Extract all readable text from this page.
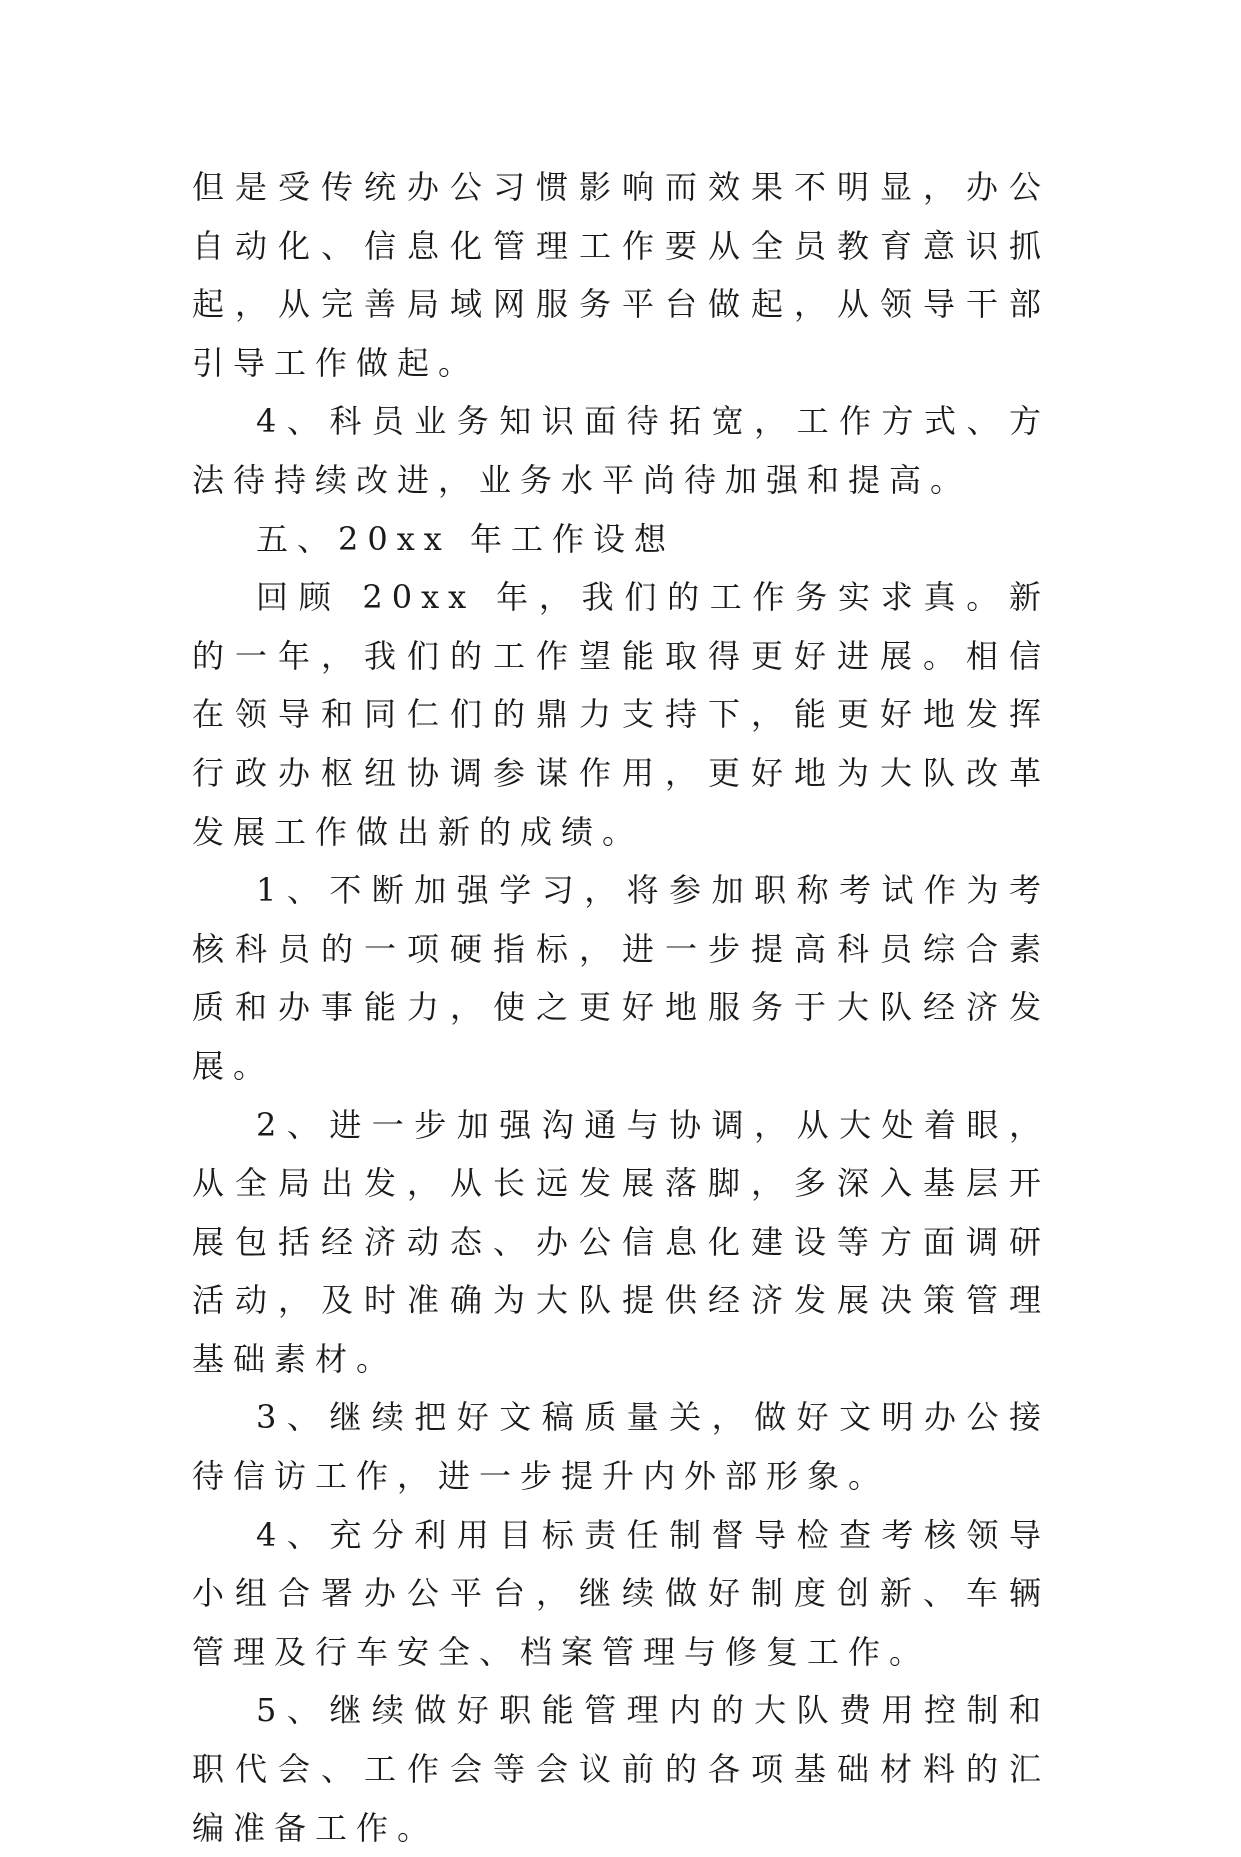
但是受传统办公习惯影响而效果不明显，办公自动化、信息化管理工作要从全员教育意识抓起，从完善局域网服务平台做起，从领导干部引导工作做起。

4、科员业务知识面待拓宽，工作方式、方法待持续改进，业务水平尚待加强和提高。

五、20xx 年工作设想

回顾 20xx 年，我们的工作务实求真。新的一年，我们的工作望能取得更好进展。相信在领导和同仁们的鼎力支持下，能更好地发挥行政办枢纽协调参谋作用，更好地为大队改革发展工作做出新的成绩。

1、不断加强学习，将参加职称考试作为考核科员的一项硬指标，进一步提高科员综合素质和办事能力，使之更好地服务于大队经济发展。

2、进一步加强沟通与协调，从大处着眼，从全局出发，从长远发展落脚，多深入基层开展包括经济动态、办公信息化建设等方面调研活动，及时准确为大队提供经济发展决策管理基础素材。

3、继续把好文稿质量关，做好文明办公接待信访工作，进一步提升内外部形象。

4、充分利用目标责任制督导检查考核领导小组合署办公平台，继续做好制度创新、车辆管理及行车安全、档案管理与修复工作。

5、继续做好职能管理内的大队费用控制和职代会、工作会等会议前的各项基础材料的汇编准备工作。
